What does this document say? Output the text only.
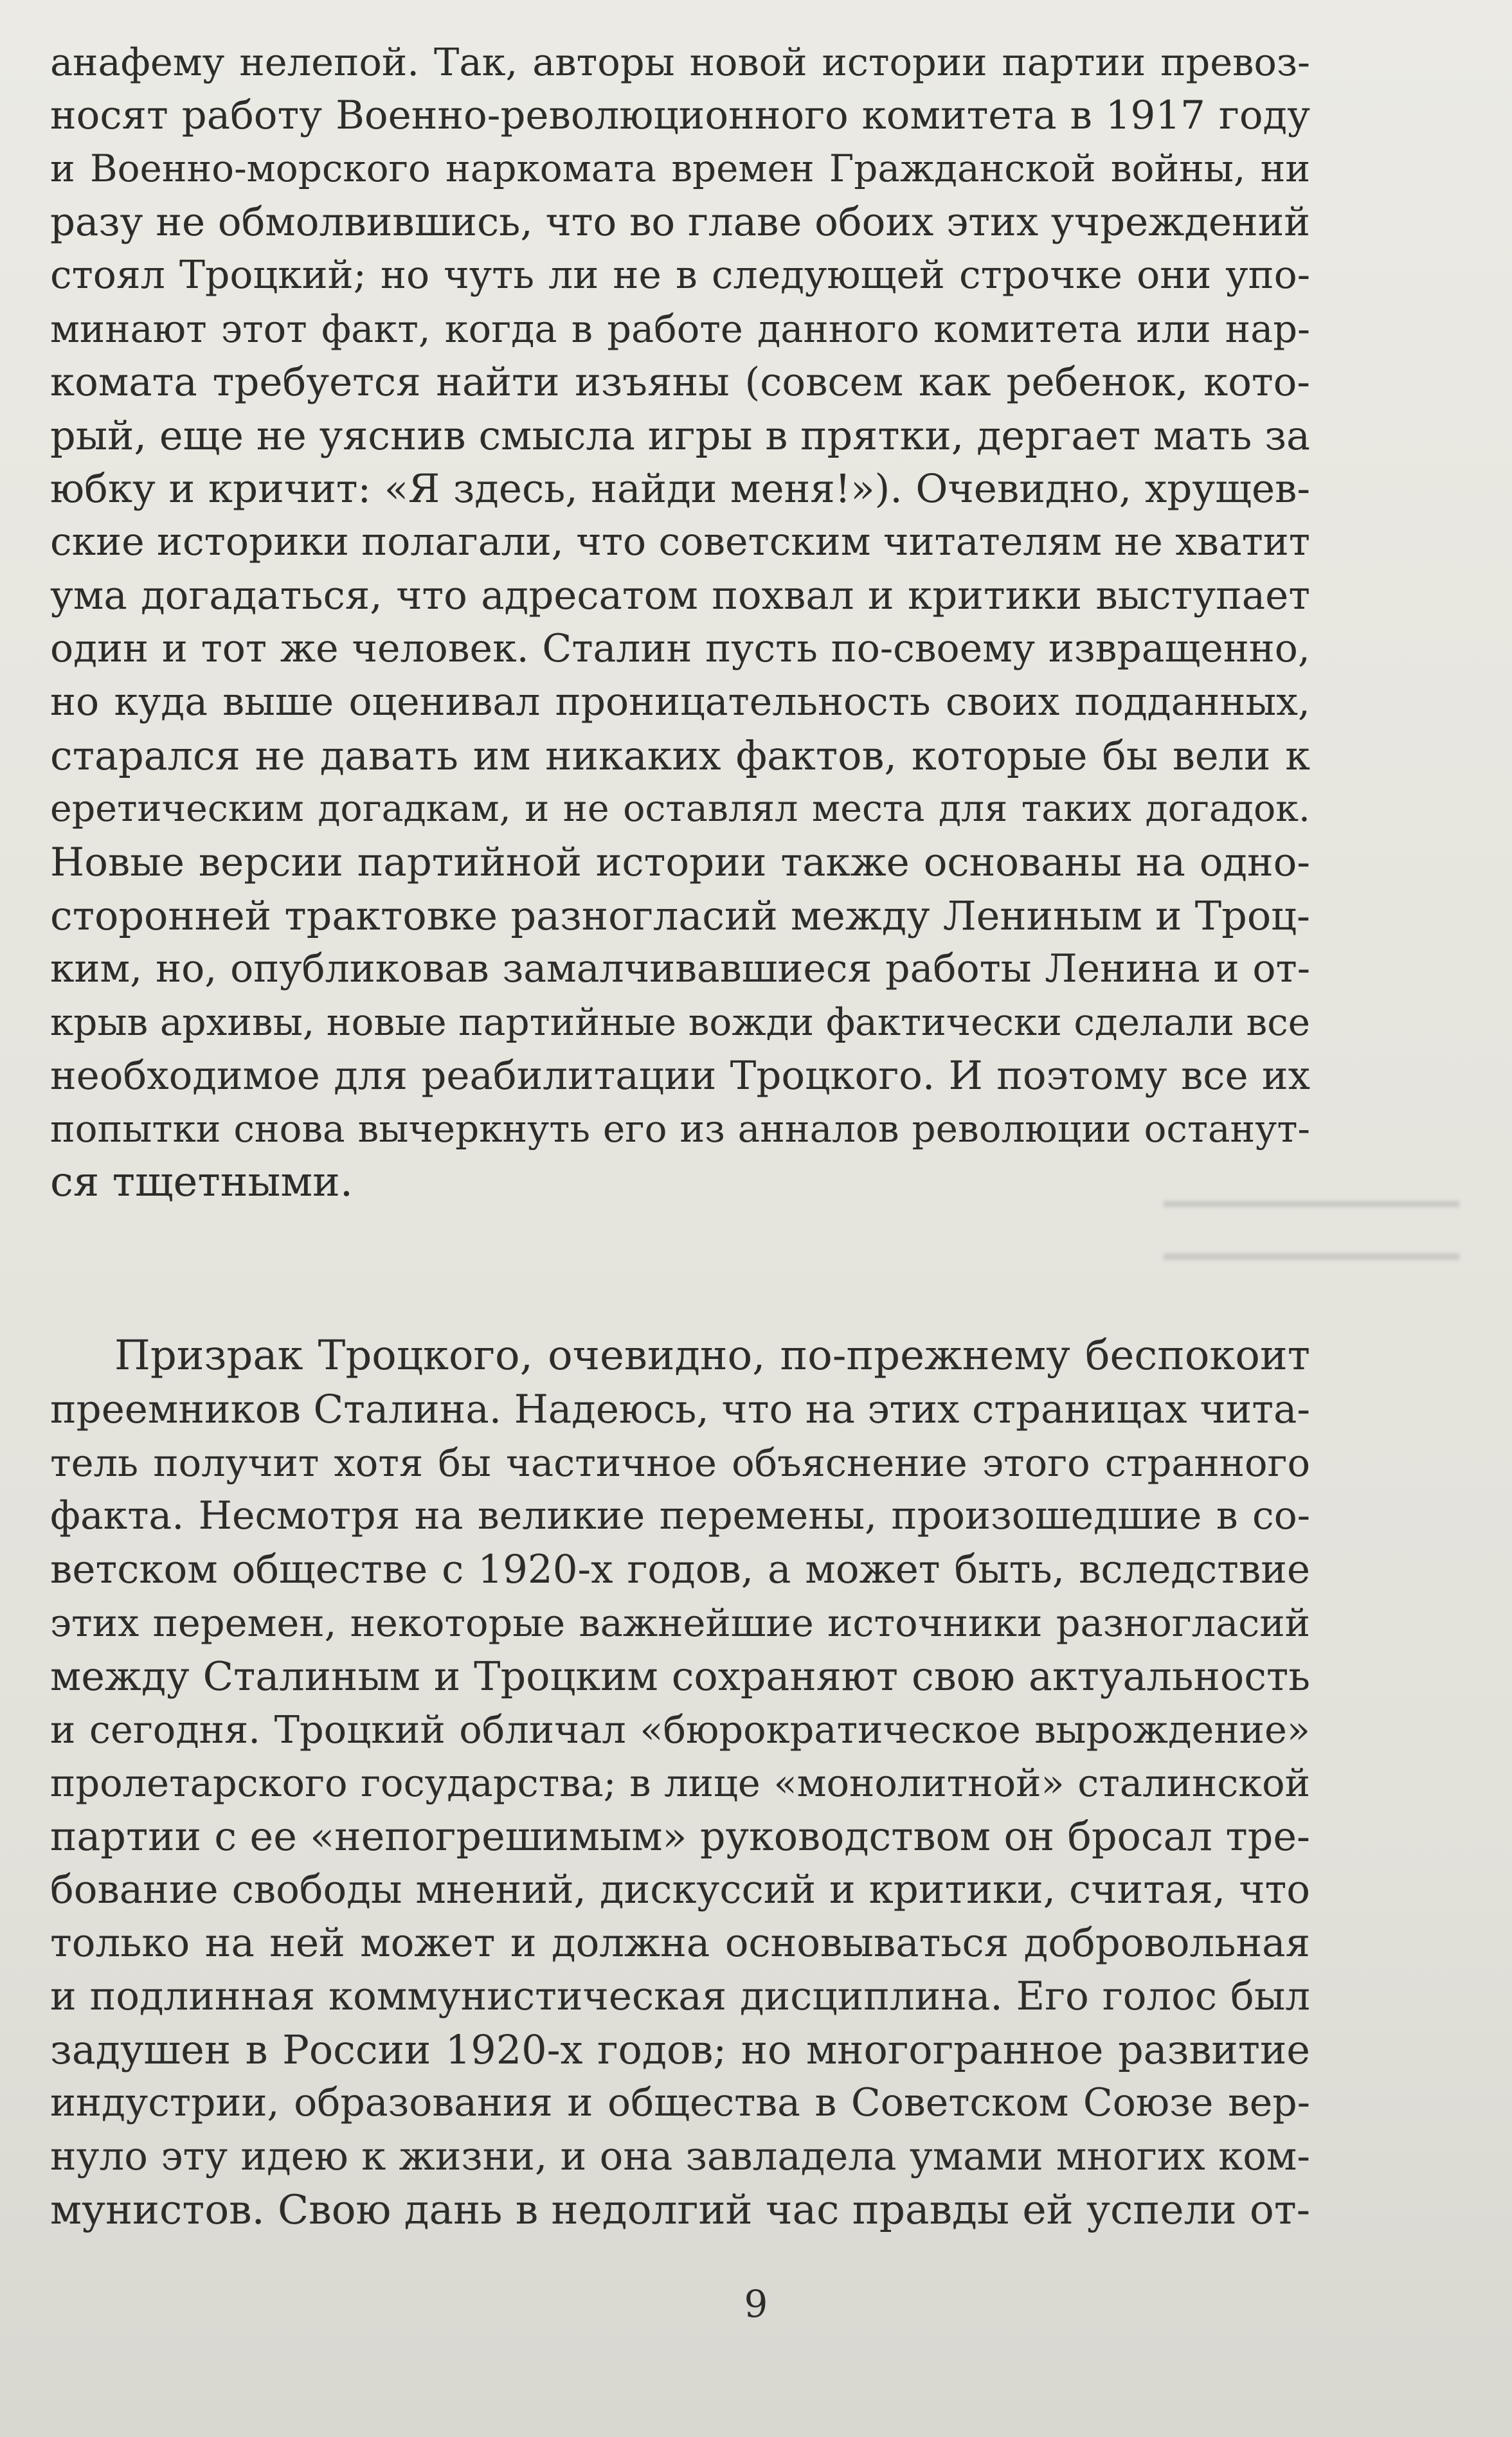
анафему нелепой. Так, авторы новой истории партии превоз-
носят работу Военно-революционного комитета в 1917 году
и Военно-морского наркомата времен Гражданской войны, ни
разу не обмолвившись, что во главе обоих этих учреждений
стоял Троцкий; но чуть ли не в следующей строчке они упо-
минают этот факт, когда в работе данного комитета или нар-
комата требуется найти изъяны (совсем как ребенок, кото-
рый, еще не уяснив смысла игры в прятки, дергает мать за
юбку и кричит: «Я здесь, найди меня!»). Очевидно, хрущев-
ские историки полагали, что советским читателям не хватит
ума догадаться, что адресатом похвал и критики выступает
один и тот же человек. Сталин пусть по-своему извращенно,
но куда выше оценивал проницательность своих подданных,
старался не давать им никаких фактов, которые бы вели к
еретическим догадкам, и не оставлял места для таких догадок.
Новые версии партийной истории также основаны на одно-
сторонней трактовке разногласий между Лениным и Троц-
ким, но, опубликовав замалчивавшиеся работы Ленина и от-
крыв архивы, новые партийные вожди фактически сделали все
необходимое для реабилитации Троцкого. И поэтому все их
попытки снова вычеркнуть его из анналов революции останут-
ся тщетными.
Призрак Троцкого, очевидно, по-прежнему беспокоит
преемников Сталина. Надеюсь, что на этих страницах чита-
тель получит хотя бы частичное объяснение этого странного
факта. Несмотря на великие перемены, произошедшие в со-
ветском обществе с 1920-х годов, а может быть, вследствие
этих перемен, некоторые важнейшие источники разногласий
между Сталиным и Троцким сохраняют свою актуальность
и сегодня. Троцкий обличал «бюрократическое вырождение»
пролетарского государства; в лице «монолитной» сталинской
партии с ее «непогрешимым» руководством он бросал тре-
бование свободы мнений, дискуссий и критики, считая, что
только на ней может и должна основываться добровольная
и подлинная коммунистическая дисциплина. Его голос был
задушен в России 1920-х годов; но многогранное развитие
индустрии, образования и общества в Советском Союзе вер-
нуло эту идею к жизни, и она завладела умами многих ком-
мунистов. Свою дань в недолгий час правды ей успели от-
9
